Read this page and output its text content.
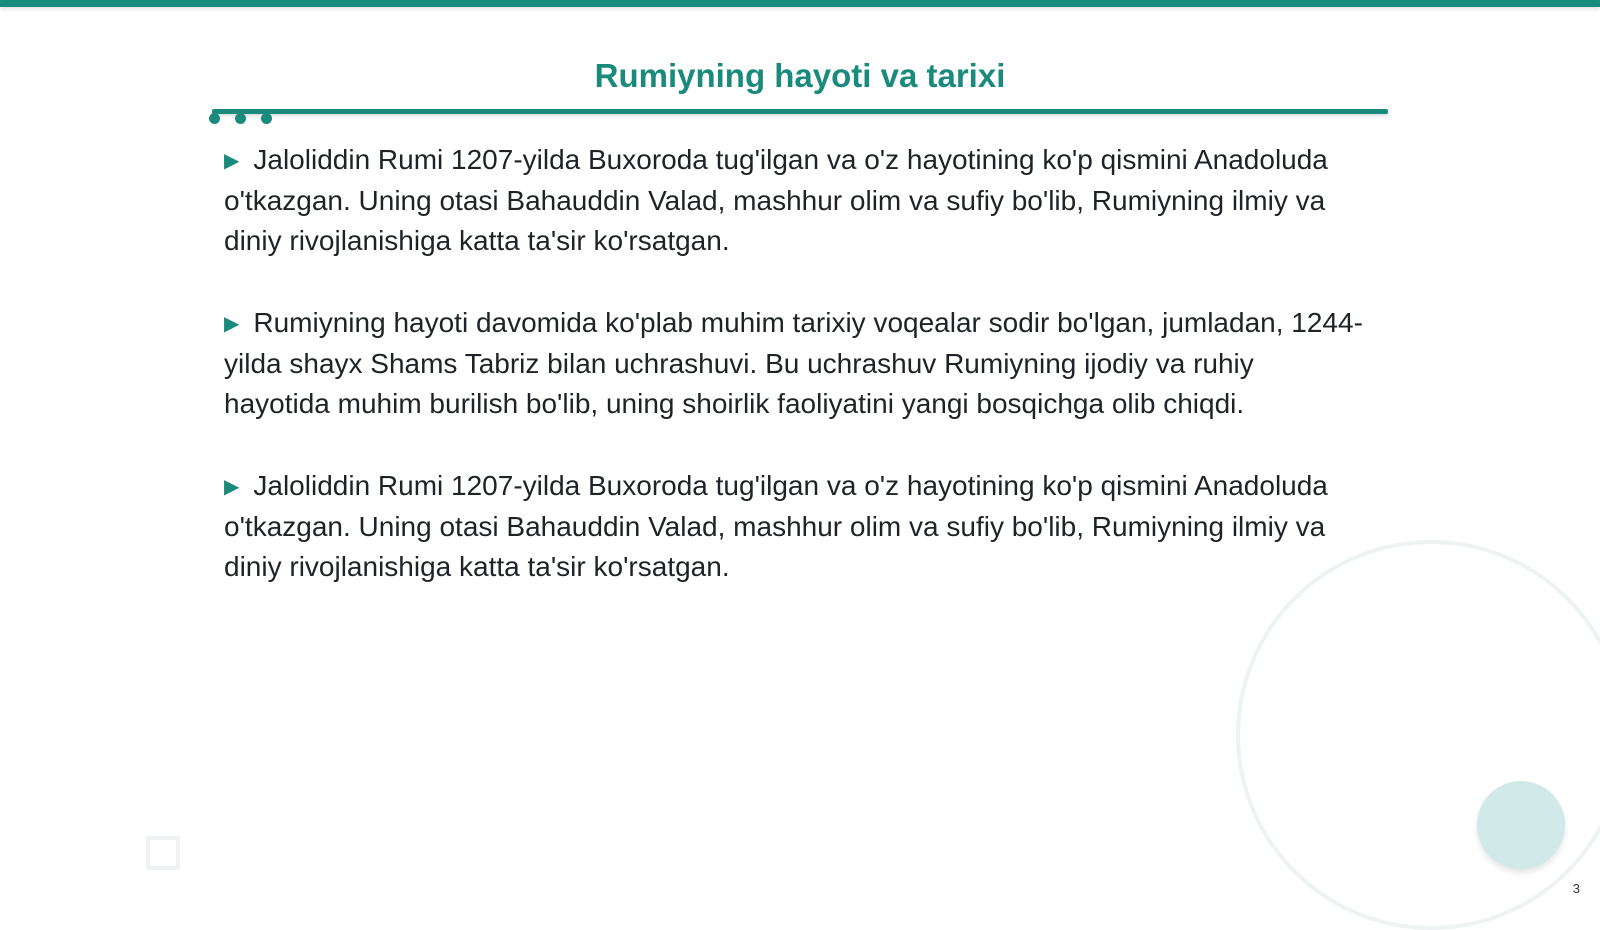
Rumiyning hayoti va tarixi

▶ Jaloliddin Rumi 1207-yilda Buxoroda tug'ilgan va o'z hayotining ko'p qismini Anadoluda o'tkazgan. Uning otasi Bahauddin Valad, mashhur olim va sufiy bo'lib, Rumiyning ilmiy va diniy rivojlanishiga katta ta'sir ko'rsatgan.

▶ Rumiyning hayoti davomida ko'plab muhim tarixiy voqealar sodir bo'lgan, jumladan, 1244-yilda shayx Shams Tabriz bilan uchrashuvi. Bu uchrashuv Rumiyning ijodiy va ruhiy hayotida muhim burilish bo'lib, uning shoirlik faoliyatini yangi bosqichga olib chiqdi.

▶ Jaloliddin Rumi 1207-yilda Buxoroda tug'ilgan va o'z hayotining ko'p qismini Anadoluda o'tkazgan. Uning otasi Bahauddin Valad, mashhur olim va sufiy bo'lib, Rumiyning ilmiy va diniy rivojlanishiga katta ta'sir ko'rsatgan.

3
